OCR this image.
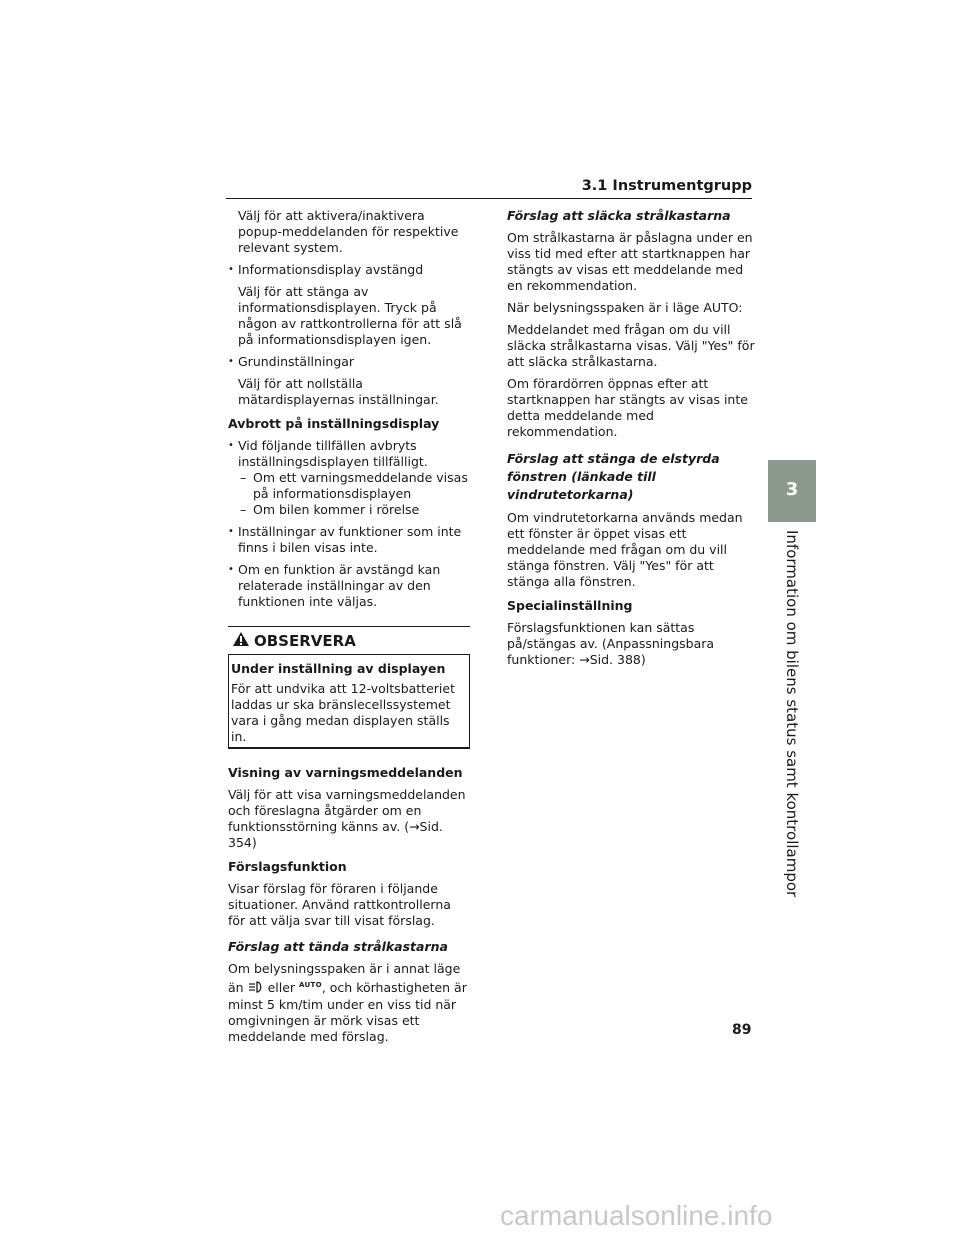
3.1 Instrumentgrupp

Välj för att aktivera/inaktivera popup-meddelanden för respektive relevant system.

• Informationsdisplay avstängd
Välj för att stänga av informationsdisplayen. Tryck på någon av rattkontrollerna för att slå på informationsdisplayen igen.
• Grundinställningar
Välj för att nollställa mätardisplayernas inställningar.
Avbrott på inställningsdisplay
• Vid följande tillfällen avbryts inställningsdisplayen tillfälligt.
– Om ett varningsmeddelande visas på informationsdisplayen
– Om bilen kommer i rörelse
• Inställningar av funktioner som inte finns i bilen visas inte.
• Om en funktion är avstängd kan relaterade inställningar av den funktionen inte väljas.
OBSERVERA
Under inställning av displayen
För att undvika att 12-voltsbatteriet laddas ur ska bränslecellssystemet vara i gång medan displayen ställs in.
Visning av varningsmeddelanden

Välj för att visa varningsmeddelanden och föreslagna åtgärder om en funktionsstörning känns av. (→Sid. 354)

Förslagsfunktion

Visar förslag för föraren i följande situationer. Använd rattkontrollerna för att välja svar till visat förslag.

Förslag att tända strålkastarna

Om belysningsspaken är i annat läge än eller $^{AUTO}$, och körhastigheten är minst 5 km/tim under en viss tid när omgivningen är mörk visas ett meddelande med förslag.

Förslag att släcka strålkastarna

Om strålkastarna är påslagna under en viss tid med efter att startknappen har stängts av visas ett meddelande med en rekommendation.

När belysningsspaken är i läge AUTO:

Meddelandet med frågan om du vill släcka strålkastarna visas. Välj "Yes" för att släcka strålkastarna.

Om förardörren öppnas efter att startknappen har stängts av visas inte detta meddelande med rekommendation.

Förslag att stänga de elstyrda fönstren (länkade till vindrutetorkarna)

Om vindrutetorkarna används medan ett fönster är öppet visas ett meddelande med frågan om du vill stänga fönstren. Välj "Yes" för att stänga alla fönstren.

Specialinställning

Förslagsfunktionen kan sättas på/stängas av. (Anpassningsbara funktioner: →Sid. 388)

3
Information om bilens status samt kontrollampor
89
carmanualsonline.info
